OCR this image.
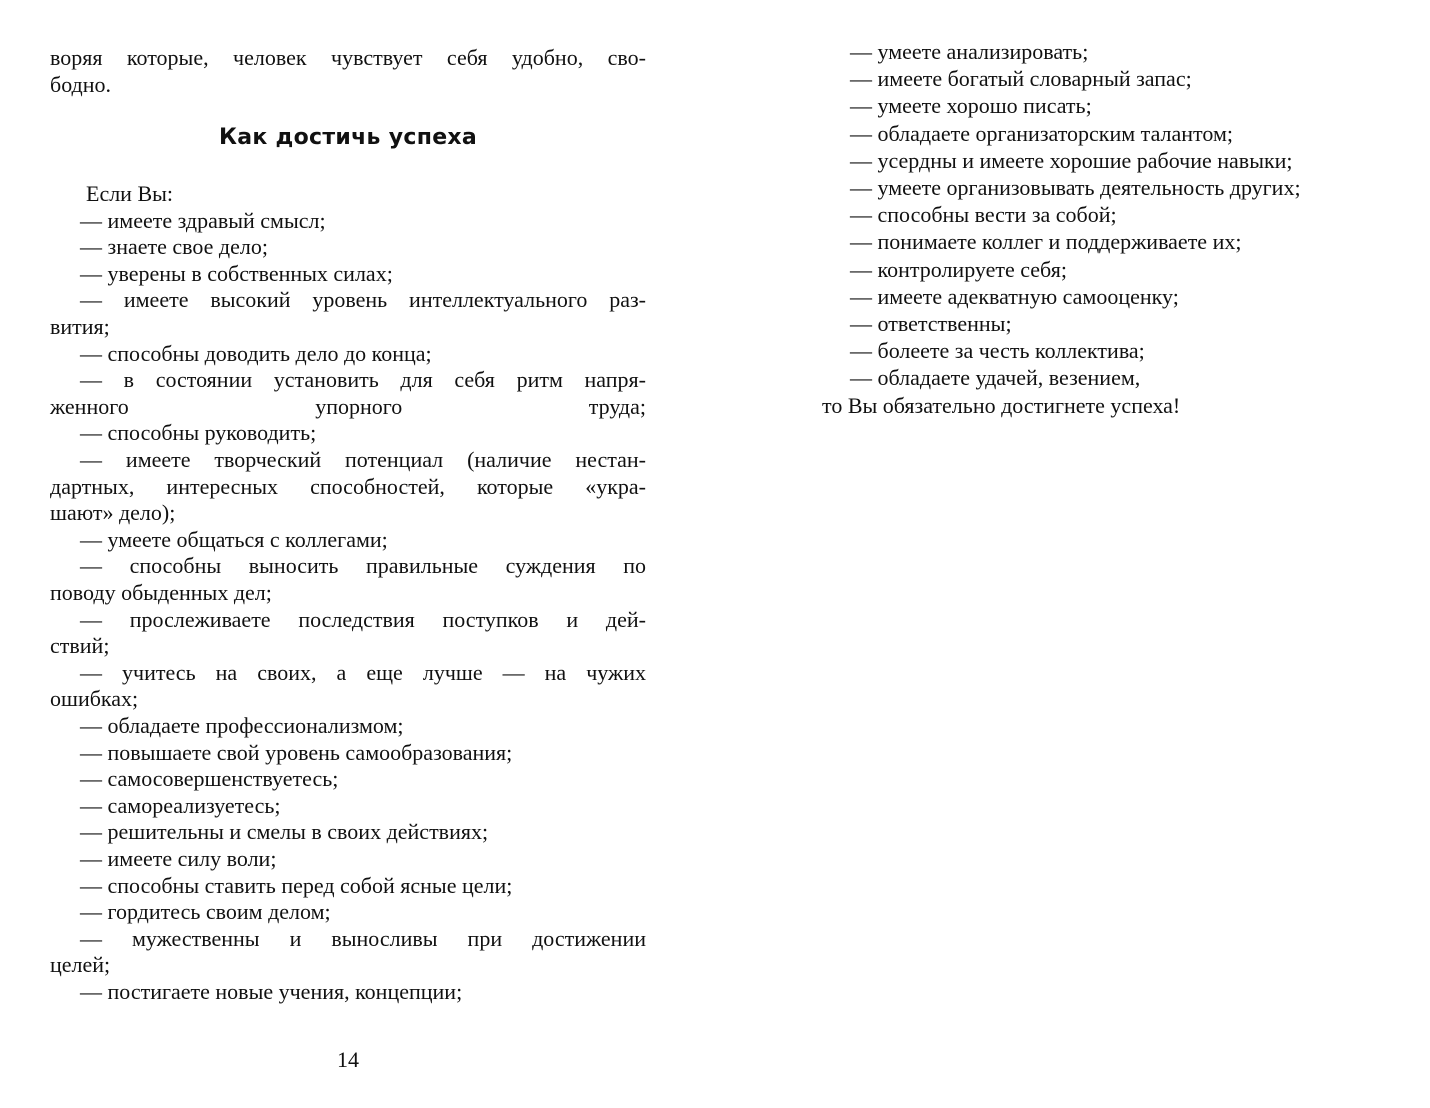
воряя которые, человек чувствует себя удобно, сво-
бодно.
Как достичь успеха
Если Вы:
— имеете здравый смысл;
— знаете свое дело;
— уверены в собственных силах;
— имеете высокий уровень интеллектуального раз-
вития;
— способны доводить дело до конца;
— в состоянии установить для себя ритм напря-
женного упорного труда;
— способны руководить;
— имеете творческий потенциал (наличие нестан-
дартных, интересных способностей, которые «укра-
шают» дело);
— умеете общаться с коллегами;
— способны выносить правильные суждения по
поводу обыденных дел;
— прослеживаете последствия поступков и дей-
ствий;
— учитесь на своих, а еще лучше — на чужих
ошибках;
— обладаете профессионализмом;
— повышаете свой уровень самообразования;
— самосовершенствуетесь;
— самореализуетесь;
— решительны и смелы в своих действиях;
— имеете силу воли;
— способны ставить перед собой ясные цели;
— гордитесь своим делом;
— мужественны и выносливы при достижении
целей;
— постигаете новые учения, концепции;
14
— умеете анализировать;
— имеете богатый словарный запас;
— умеете хорошо писать;
— обладаете организаторским талантом;
— усердны и имеете хорошие рабочие навыки;
— умеете организовывать деятельность других;
— способны вести за собой;
— понимаете коллег и поддерживаете их;
— контролируете себя;
— имеете адекватную самооценку;
— ответственны;
— болеете за честь коллектива;
— обладаете удачей, везением,
то Вы обязательно достигнете успеха!
